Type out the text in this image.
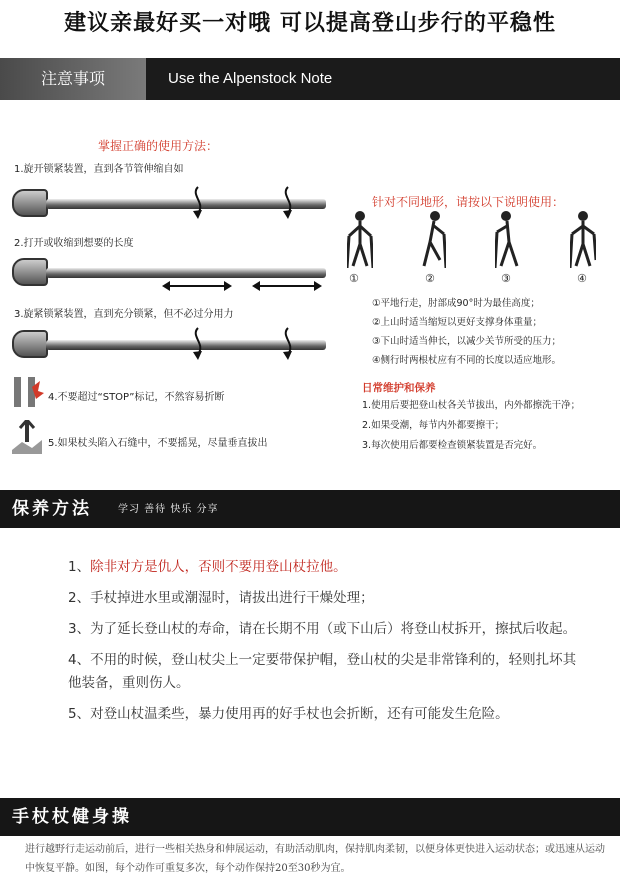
建议亲最好买一对哦 可以提高登山步行的平稳性
注意事项	Use the Alpenstock Note
掌握正确的使用方法：
1.旋开锁紧装置，直到各节管伸缩自如
2.打开或收缩到想要的长度
3.旋紧锁紧装置，直到充分锁紧，但不必过分用力
4.不要超过“STOP”标记，不然容易折断
5.如果杖头陷入石缝中，不要摇晃，尽量垂直拔出
针对不同地形，请按以下说明使用：
①	②	③	④
①平地行走，肘部成90°时为最佳高度；
②上山时适当缩短以更好支撑身体重量；
③下山时适当伸长，以减少关节所受的压力；
④侧行时两根杖应有不同的长度以适应地形。
日常维护和保养
1.使用后要把登山杖各关节拔出，内外都擦洗干净；
2.如果受潮，每节内外都要擦干；
3.每次使用后都要检查锁紧装置是否完好。
保养方法	学习 善待 快乐 分享

1、除非对方是仇人，否则不要用登山杖拉他。

2、手杖掉进水里或潮湿时，请拔出进行干燥处理；

3、为了延长登山杖的寿命，请在长期不用（或下山后）将登山杖拆开，擦拭后收起。

4、不用的时候，登山杖尖上一定要带保护帽，登山杖的尖是非常锋利的，轻则扎坏其他装备，重则伤人。

5、对登山杖温柔些，暴力使用再的好手杖也会折断，还有可能发生危险。

手杖杖健身操
进行越野行走运动前后，进行一些相关热身和伸展运动，有助活动肌肉，保持肌肉柔韧，以便身体更快进入运动状态；或迅速从运动中恢复平静。如图，每个动作可重复多次，每个动作保持20至30秒为宜。
